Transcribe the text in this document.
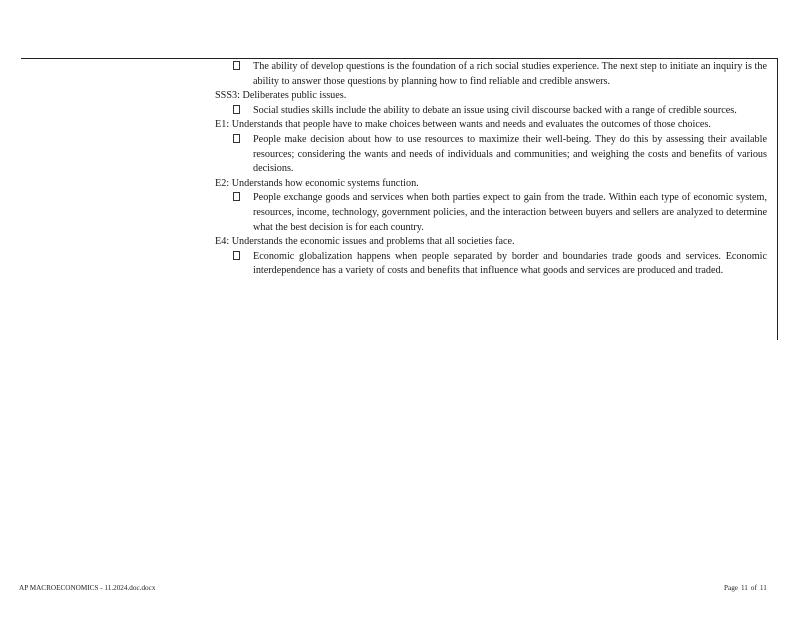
The ability of develop questions is the foundation of a rich social studies experience. The next step to initiate an inquiry is the ability to answer those questions by planning how to find reliable and credible answers.
SSS3: Deliberates public issues.
Social studies skills include the ability to debate an issue using civil discourse backed with a range of credible sources.
E1: Understands that people have to make choices between wants and needs and evaluates the outcomes of those choices.
People make decision about how to use resources to maximize their well-being. They do this by assessing their available resources; considering the wants and needs of individuals and communities; and weighing the costs and benefits of various decisions.
E2: Understands how economic systems function.
People exchange goods and services when both parties expect to gain from the trade. Within each type of economic system, resources, income, technology, government policies, and the interaction between buyers and sellers are analyzed to determine what the best decision is for each country.
E4: Understands the economic issues and problems that all societies face.
Economic globalization happens when people separated by border and boundaries trade goods and services. Economic interdependence has a variety of costs and benefits that influence what goods and services are produced and traded.
AP MACROECONOMICS - 11.2024.doc.docx	Page 11 of 11
